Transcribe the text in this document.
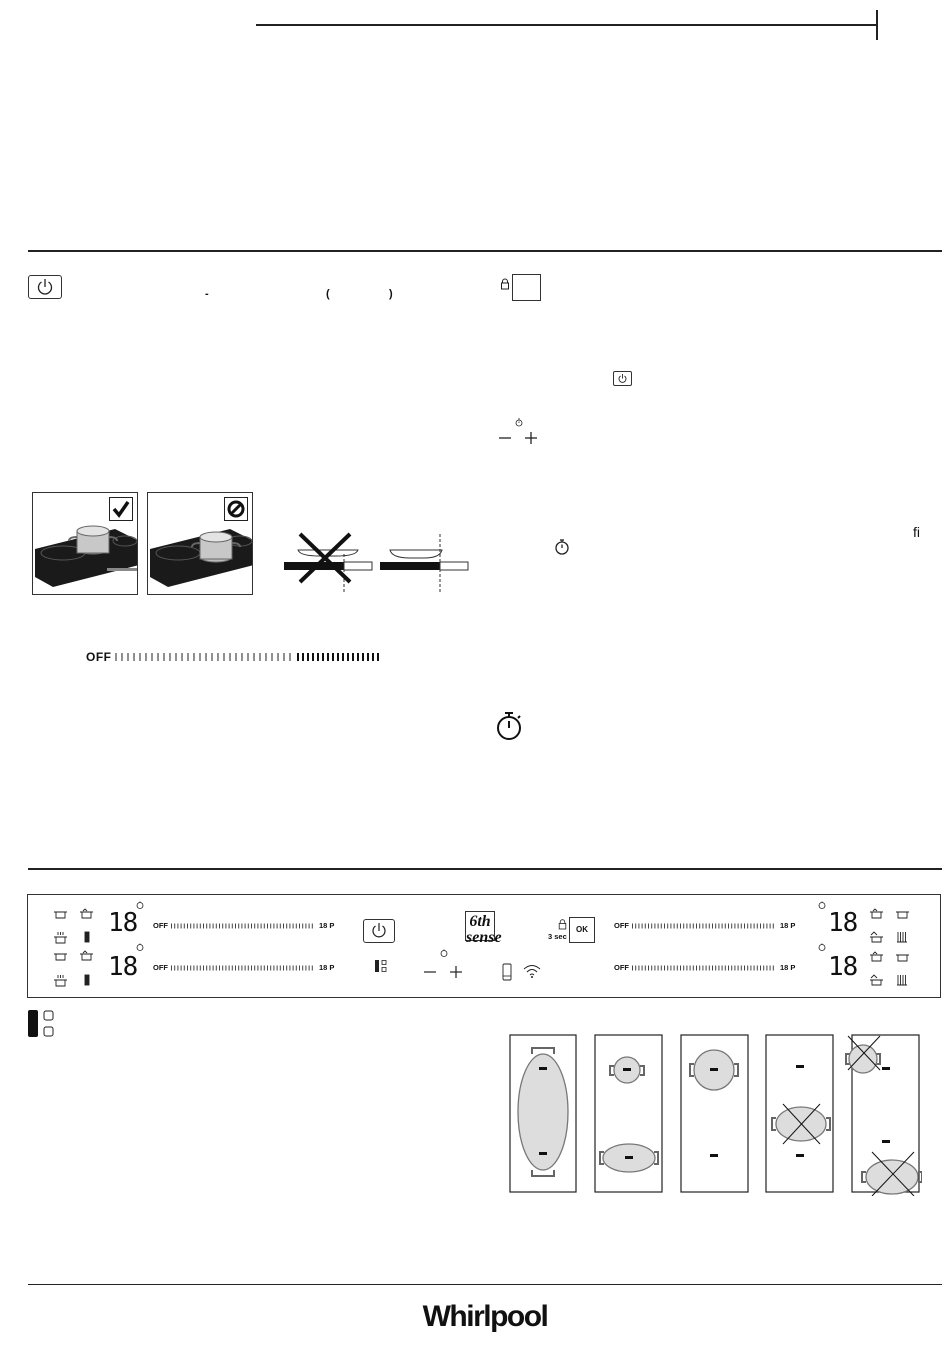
-	(	)
OFF
fi
18 OFF	18 P
18 OFF	18 P
6th sense	3 sec
OK	OFF	18 P 18
OFF	18 P 18
Whirlpool
